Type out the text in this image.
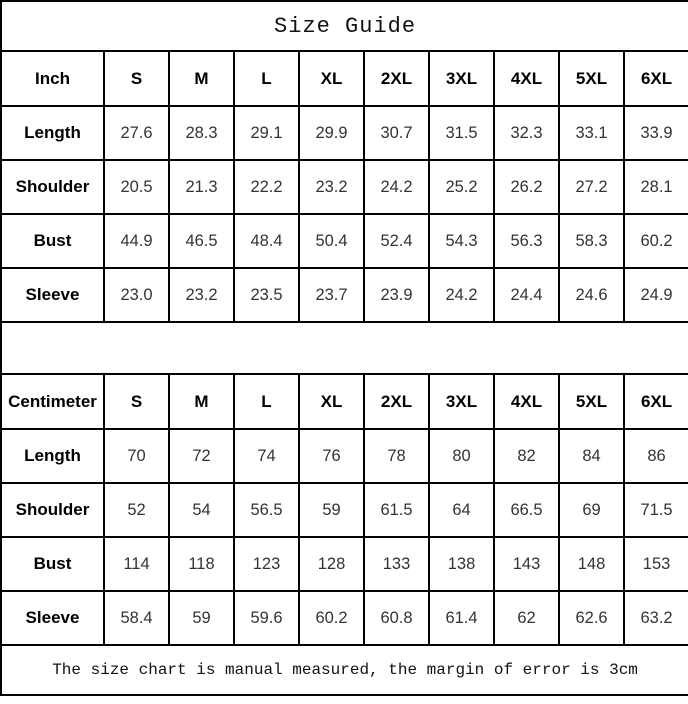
Size Guide									
Inch	S	M	L	XL	2XL	3XL	4XL	5XL	6XL
Length	27.6	28.3	29.1	29.9	30.7	31.5	32.3	33.1	33.9
Shoulder	20.5	21.3	22.2	23.2	24.2	25.2	26.2	27.2	28.1
Bust	44.9	46.5	48.4	50.4	52.4	54.3	56.3	58.3	60.2
Sleeve	23.0	23.2	23.5	23.7	23.9	24.2	24.4	24.6	24.9

Centimeter	S	M	L	XL	2XL	3XL	4XL	5XL	6XL
Length	70	72	74	76	78	80	82	84	86
Shoulder	52	54	56.5	59	61.5	64	66.5	69	71.5
Bust	114	118	123	128	133	138	143	148	153
Sleeve	58.4	59	59.6	60.2	60.8	61.4	62	62.6	63.2
The size chart is manual measured, the margin of error is 3cm									
